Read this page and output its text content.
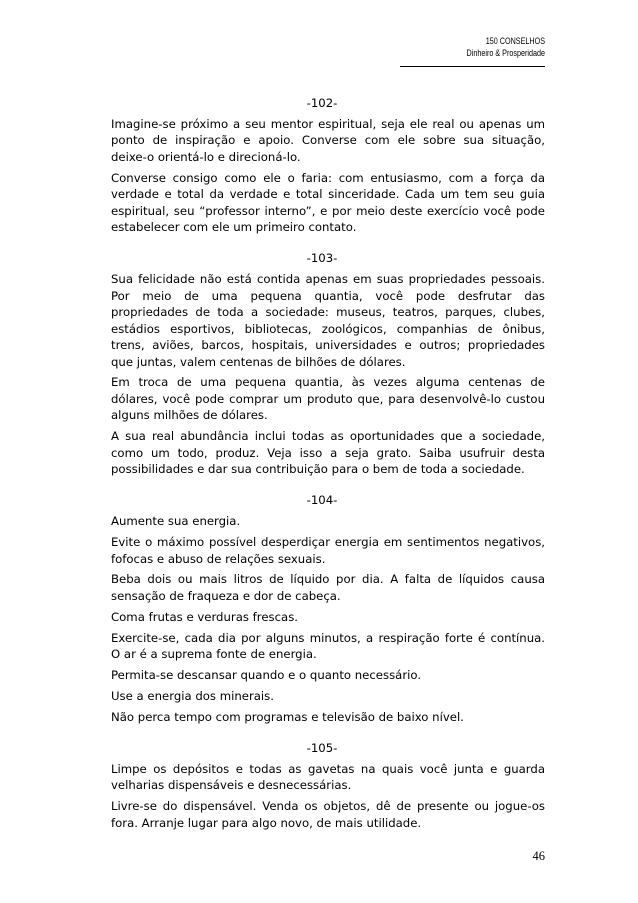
150 CONSELHOS
Dinheiro & Prosperidade
-102-
Imagine-se próximo a seu mentor espiritual, seja ele real ou apenas um
ponto de inspiração e apoio. Converse com ele sobre sua situação,
deixe-o orientá-lo e direcioná-lo.
Converse consigo como ele o faria: com entusiasmo, com a força da
verdade e total da verdade e total sinceridade. Cada um tem seu guia
espiritual, seu “professor interno”, e por meio deste exercício você pode
estabelecer com ele um primeiro contato.
-103-
Sua felicidade não está contida apenas em suas propriedades pessoais.
Por meio de uma pequena quantia, você pode desfrutar das
propriedades de toda a sociedade: museus, teatros, parques, clubes,
estádios esportivos, bibliotecas, zoológicos, companhias de ônibus,
trens, aviões, barcos, hospitais, universidades e outros; propriedades
que juntas, valem centenas de bilhões de dólares.
Em troca de uma pequena quantia, às vezes alguma centenas de
dólares, você pode comprar um produto que, para desenvolvê-lo custou
alguns milhões de dólares.
A sua real abundância inclui todas as oportunidades que a sociedade,
como um todo, produz. Veja isso a seja grato. Saiba usufruir desta
possibilidades e dar sua contribuição para o bem de toda a sociedade.
-104-
Aumente sua energia.
Evite o máximo possível desperdiçar energia em sentimentos negativos,
fofocas e abuso de relações sexuais.
Beba dois ou mais litros de líquido por dia. A falta de líquidos causa
sensação de fraqueza e dor de cabeça.
Coma frutas e verduras frescas.
Exercite-se, cada dia por alguns minutos, a respiração forte é contínua.
O ar é a suprema fonte de energia.
Permita-se descansar quando e o quanto necessário.
Use a energia dos minerais.
Não perca tempo com programas e televisão de baixo nível.
-105-
Limpe os depósitos e todas as gavetas na quais você junta e guarda
velharias dispensáveis e desnecessárias.
Livre-se do dispensável. Venda os objetos, dê de presente ou jogue-os
fora. Arranje lugar para algo novo, de mais utilidade.
46
